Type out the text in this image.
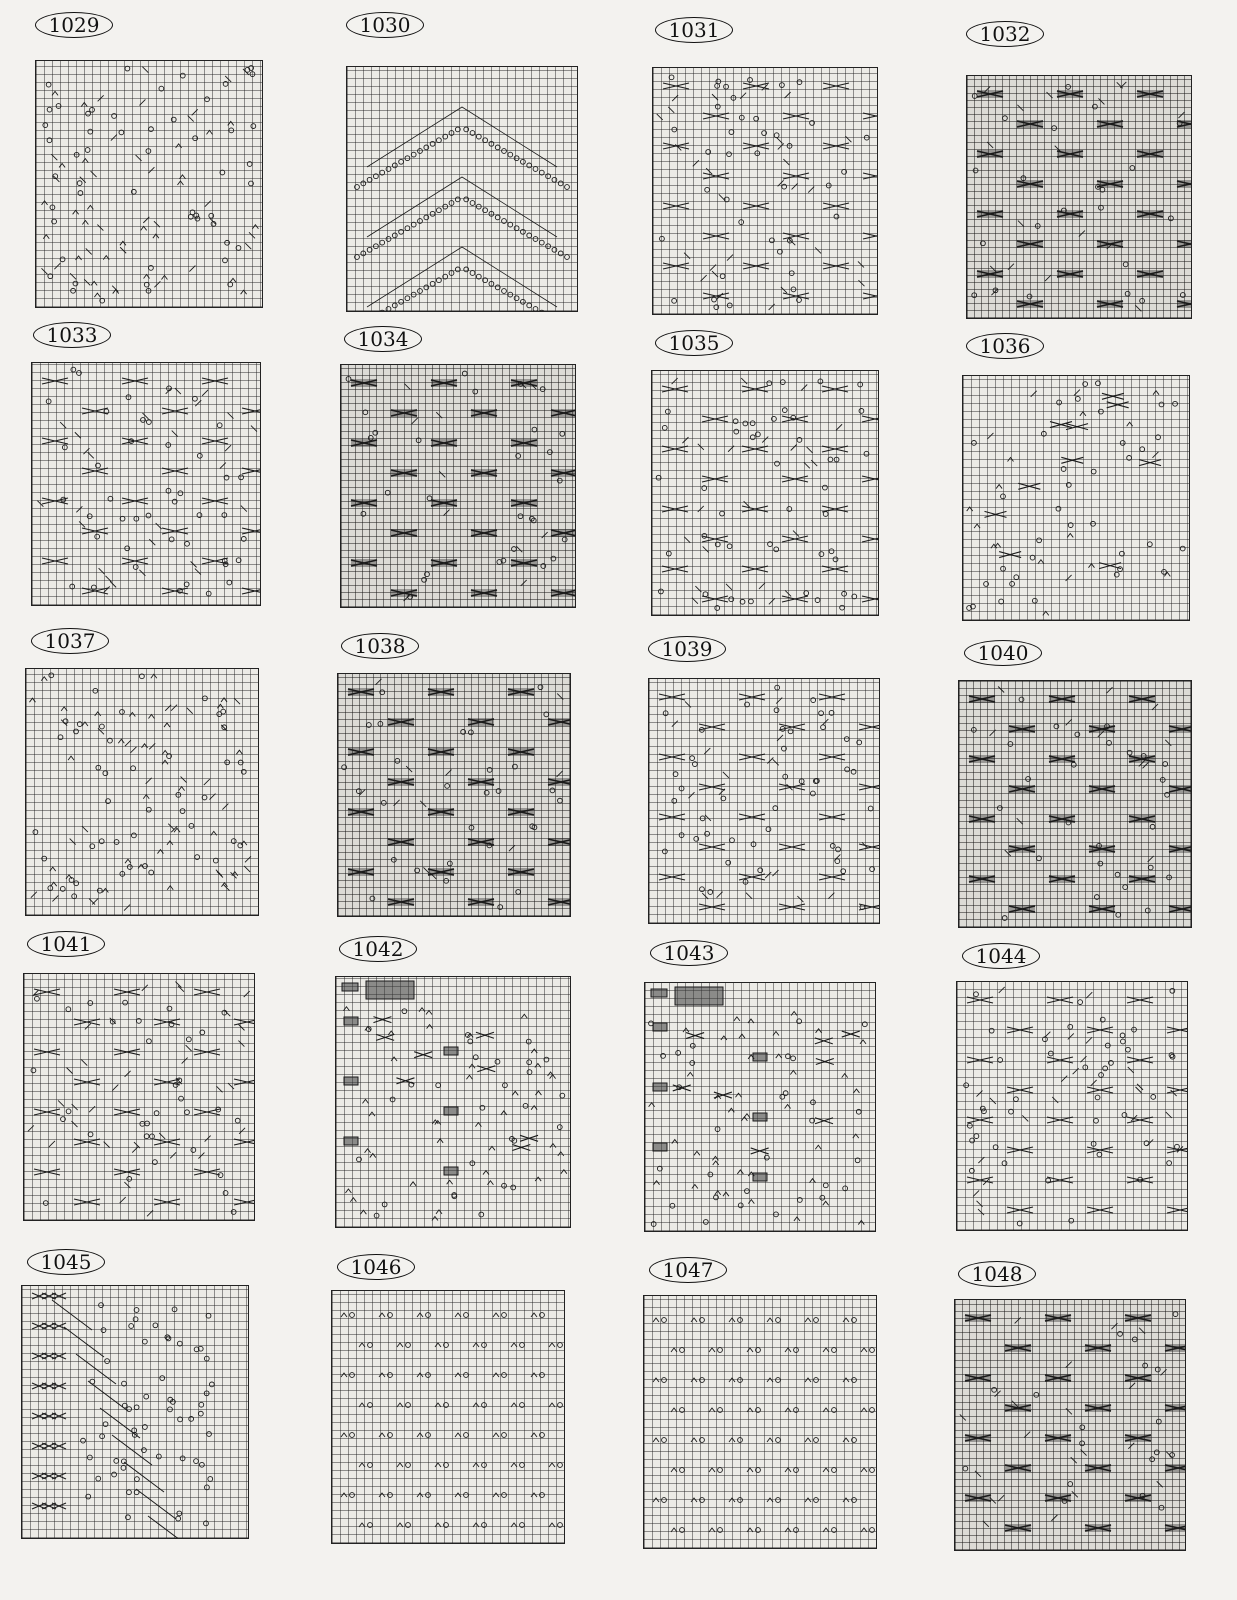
1029	1030	1031	1032
1033	1034	1035	1036
1037	1038	1039	1040
1041	1042	1043	1044
1045	1046	1047	1048
